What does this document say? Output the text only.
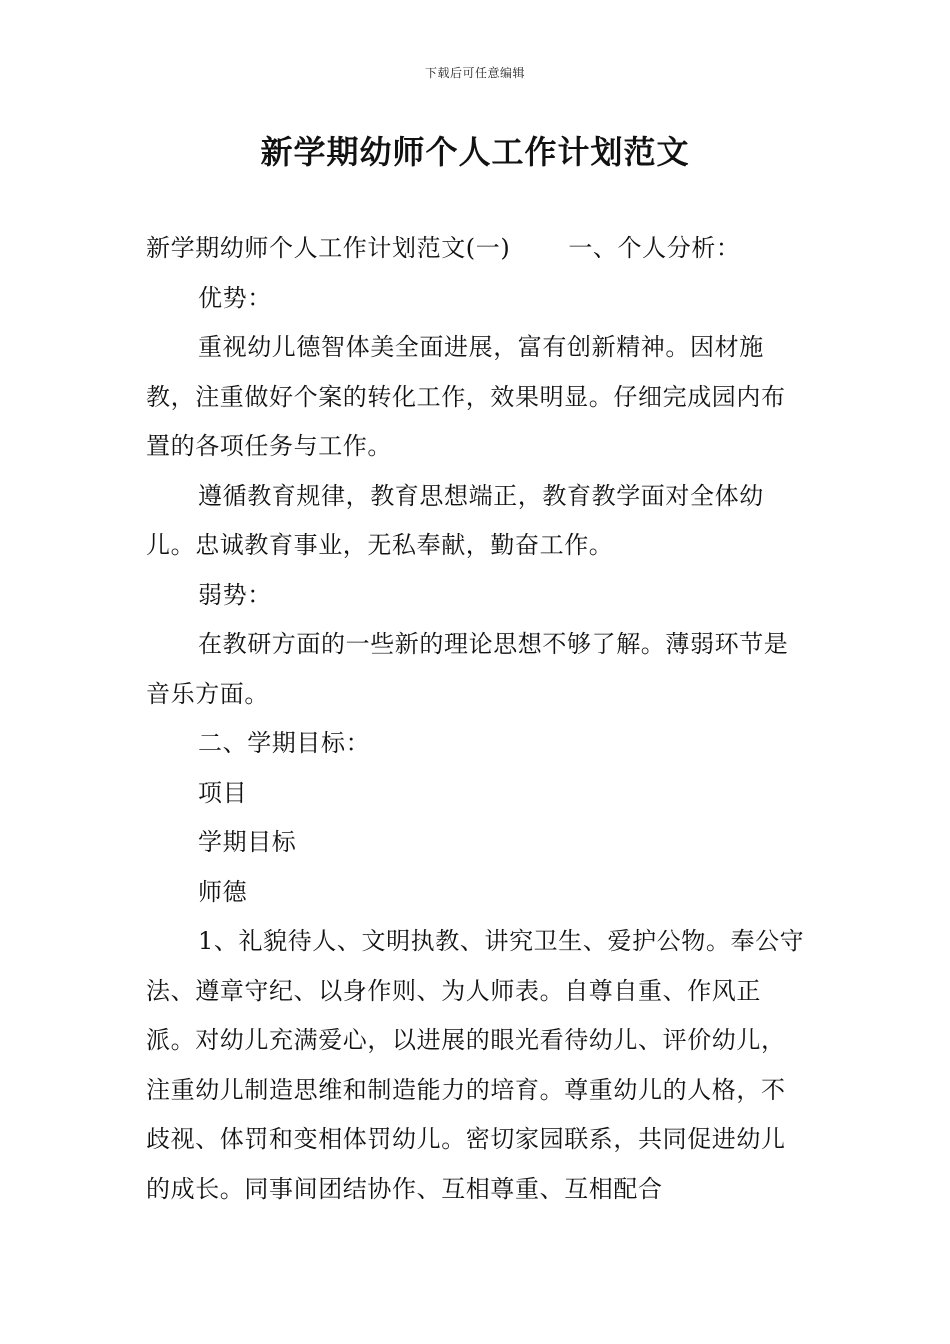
下载后可任意编辑
新学期幼师个人工作计划范文

新学期幼师个人工作计划范文(一) 一、个人分析：

优势：

重视幼儿德智体美全面进展，富有创新精神。因材施教，注重做好个案的转化工作，效果明显。仔细完成园内布置的各项任务与工作。

遵循教育规律，教育思想端正，教育教学面对全体幼儿。忠诚教育事业，无私奉献，勤奋工作。

弱势：

在教研方面的一些新的理论思想不够了解。薄弱环节是音乐方面。

二、学期目标：

项目

学期目标

师德

1、礼貌待人、文明执教、讲究卫生、爱护公物。奉公守法、遵章守纪、以身作则、为人师表。自尊自重、作风正派。对幼儿充满爱心，以进展的眼光看待幼儿、评价幼儿，注重幼儿制造思维和制造能力的培育。尊重幼儿的人格，不歧视、体罚和变相体罚幼儿。密切家园联系，共同促进幼儿的成长。同事间团结协作、互相尊重、互相配合
